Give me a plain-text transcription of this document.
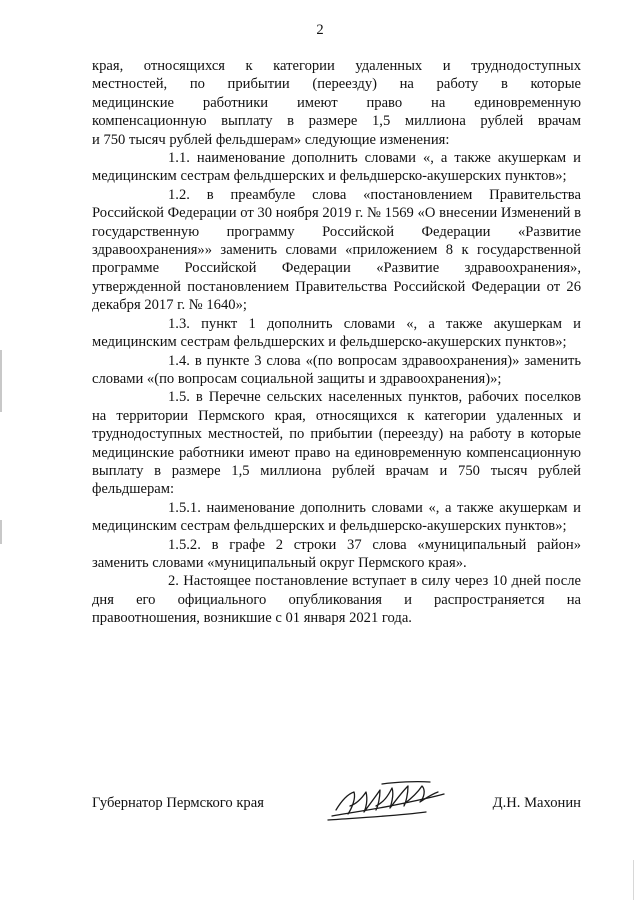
2
края, относящихся к категории удаленных и труднодоступных
местностей, по прибытии (переезду) на работу в которые
медицинские работники имеют право на единовременную
компенсационную выплату в размере 1,5 миллиона рублей врачам
и 750 тысяч рублей фельдшерам» следующие изменения:

1.1. наименование дополнить словами «, а также акушеркам и медицинским сестрам фельдшерских и фельдшерско-акушерских пунктов»;

1.2. в преамбуле слова «постановлением Правительства Российской Федерации от 30 ноября 2019 г. № 1569 «О внесении Изменений в государственную программу Российской Федерации «Развитие здравоохранения»» заменить словами «приложением 8 к государственной программе Российской Федерации «Развитие здравоохранения», утвержденной постановлением Правительства Российской Федерации от 26 декабря 2017 г. № 1640»;

1.3. пункт 1 дополнить словами «, а также акушеркам и медицинским сестрам фельдшерских и фельдшерско-акушерских пунктов»;

1.4. в пункте 3 слова «(по вопросам здравоохранения)» заменить словами «(по вопросам социальной защиты и здравоохранения)»;

1.5. в Перечне сельских населенных пунктов, рабочих поселков на территории Пермского края, относящихся к категории удаленных и труднодоступных местностей, по прибытии (переезду) на работу в которые медицинские работники имеют право на единовременную компенсационную выплату в размере 1,5 миллиона рублей врачам и 750 тысяч рублей фельдшерам:

1.5.1. наименование дополнить словами «, а также акушеркам и медицинским сестрам фельдшерских и фельдшерско-акушерских пунктов»;

1.5.2. в графе 2 строки 37 слова «муниципальный район» заменить словами «муниципальный округ Пермского края».

2. Настоящее постановление вступает в силу через 10 дней после дня его официального опубликования и распространяется на правоотношения, возникшие с 01 января 2021 года.

Губернатор Пермского края	Д.Н. Махонин
